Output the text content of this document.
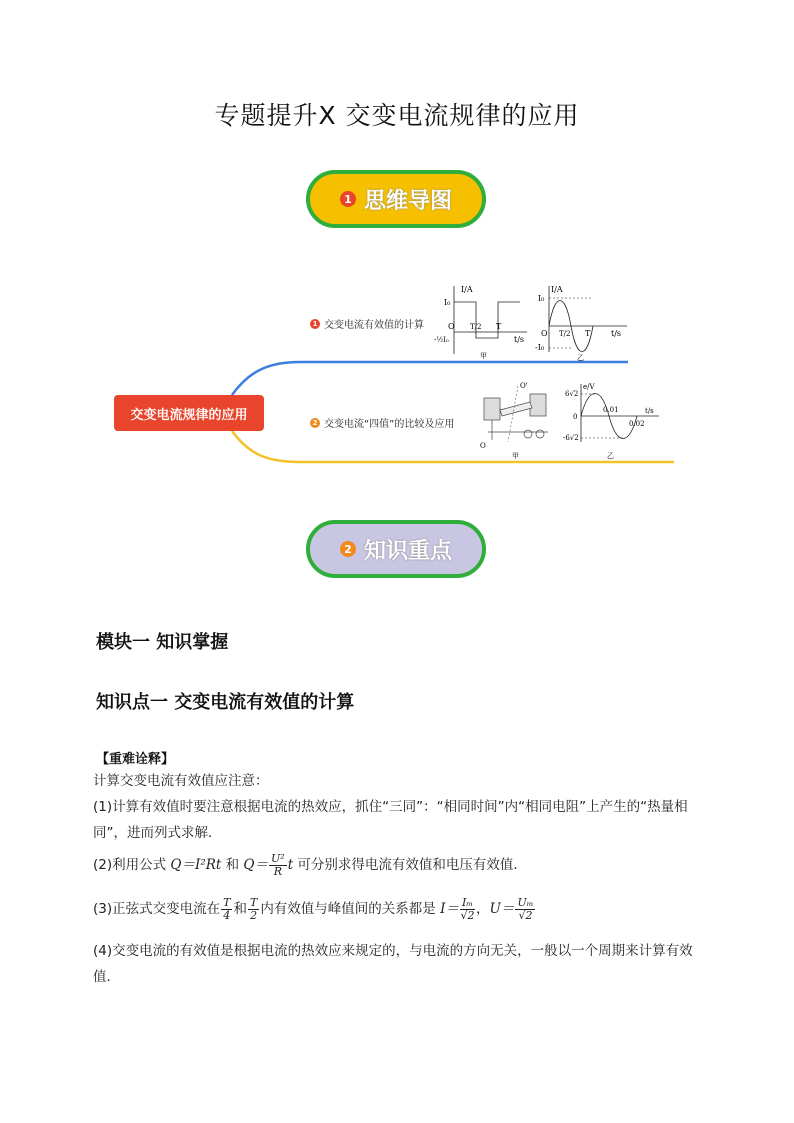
专题提升X 交变电流规律的应用
1 思维导图
交变电流规律的应用
1 交变电流有效值的计算
2 交变电流“四值”的比较及应用
I/A
t/s
I₀
O
-½I₀
T/2 T
甲
I/A
t/s
I₀
O
-I₀
T/2 T
乙
O'
O
甲
e/V
t/s
6√2
0
-6√2
0.01
0.02
乙
2 知识重点
模块一 知识掌握
知识点一 交变电流有效值的计算
【重难诠释】
计算交变电流有效值应注意：
(1)计算有效值时要注意根据电流的热效应，抓住“三同”：“相同时间”内“相同电阻”上产生的“热量相同”，进而列式求解．
(2)利用公式 Q＝I²Rt 和 $Q= \frac{\text{U²}}{R}$ t 可分别求得电流有效值和电压有效值．
(3)正弦式交变电流在 $\frac{T}{4}$ 和 $\frac{T}{2}$ 内有效值与峰值间的关系都是 $I= \frac{\text{Iₘ}}{√2}$ ，$U= \frac{\text{Uₘ}}{√2}$
(4)交变电流的有效值是根据电流的热效应来规定的，与电流的方向无关，一般以一个周期来计算有效值．
